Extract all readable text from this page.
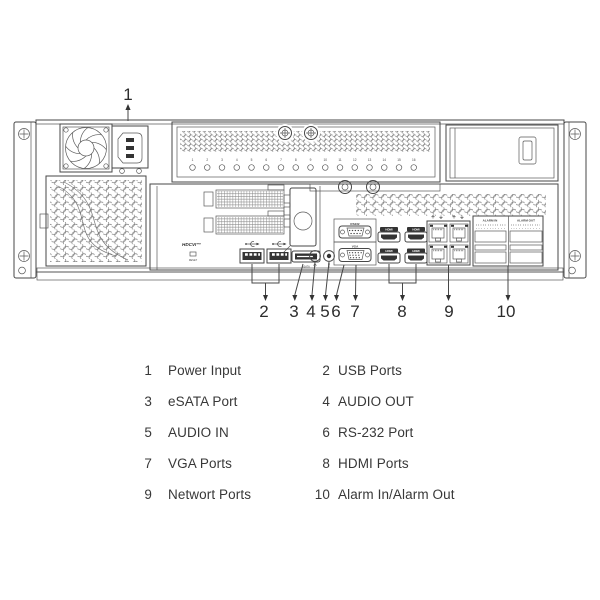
1
1	2	3	4	5	6	7	8	9	10	11	12	13	14	15	16
HDCVI™
RESET
eSATA
RS232
VGA
HDMI	HDMI
HDMI	HDMI
ALARM IN	ALARM OUT
2 3 4 5 6 7 8 9	10
1 Power Input	2 USB Ports
3 eSATA Port	4 AUDIO OUT
5 AUDIO IN	6 RS-232 Port
7 VGA Ports	8 HDMI Ports
9 Networt Ports	10 Alarm In/Alarm Out
